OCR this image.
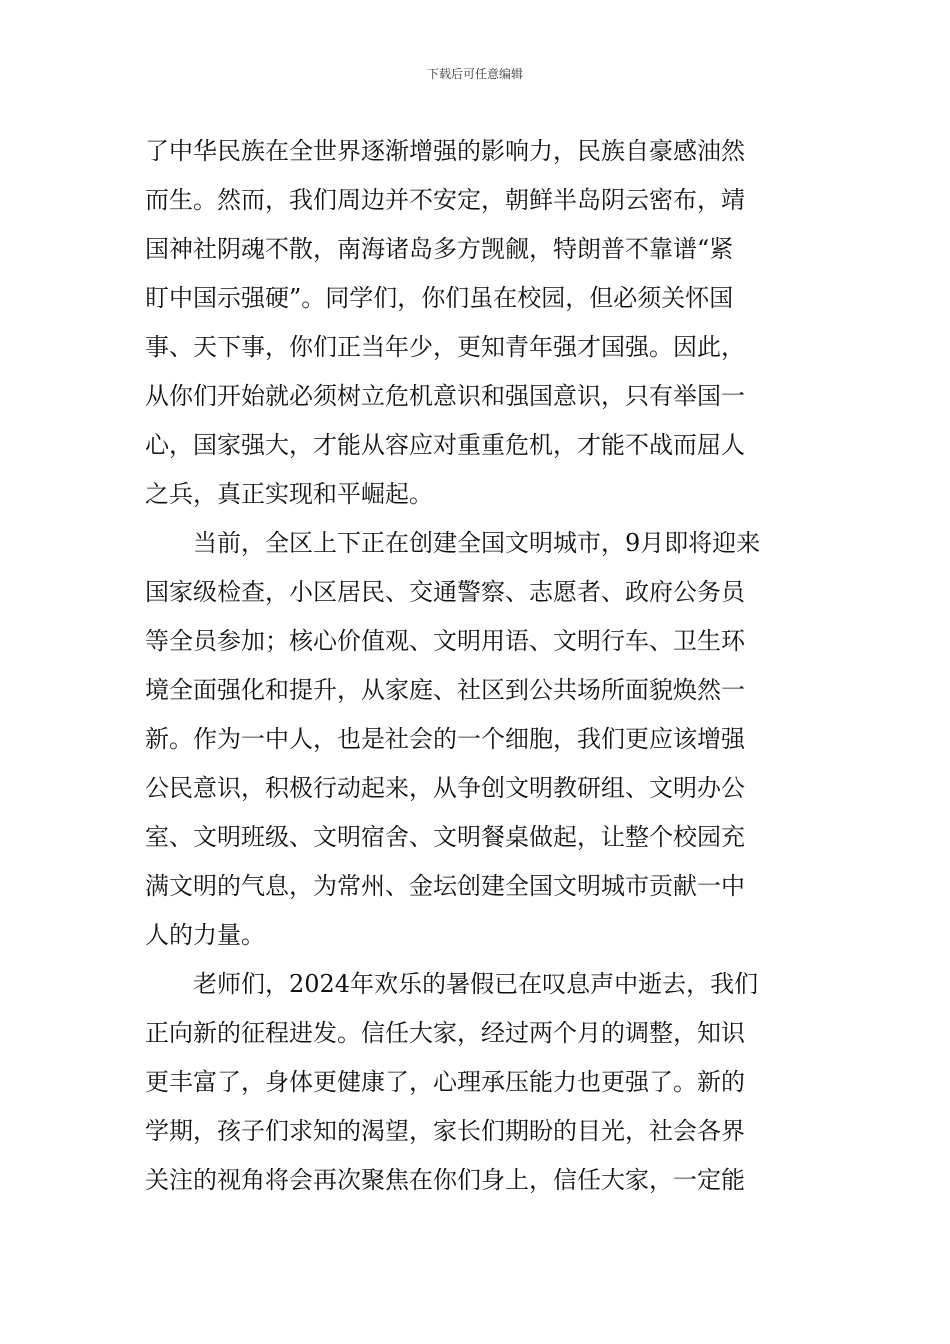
下载后可任意编辑
了中华民族在全世界逐渐增强的影响力，民族自豪感油然
而生。然而，我们周边并不安定，朝鲜半岛阴云密布，靖
国神社阴魂不散，南海诸岛多方觊觎，特朗普不靠谱“紧
盯中国示强硬”。同学们，你们虽在校园，但必须关怀国
事、天下事，你们正当年少，更知青年强才国强。因此，
从你们开始就必须树立危机意识和强国意识，只有举国一
心，国家强大，才能从容应对重重危机，才能不战而屈人
之兵，真正实现和平崛起。
当前，全区上下正在创建全国文明城市，9月即将迎来
国家级检查，小区居民、交通警察、志愿者、政府公务员
等全员参加；核心价值观、文明用语、文明行车、卫生环
境全面强化和提升，从家庭、社区到公共场所面貌焕然一
新。作为一中人，也是社会的一个细胞，我们更应该增强
公民意识，积极行动起来，从争创文明教研组、文明办公
室、文明班级、文明宿舍、文明餐桌做起，让整个校园充
满文明的气息，为常州、金坛创建全国文明城市贡献一中
人的力量。
老师们，2024年欢乐的暑假已在叹息声中逝去，我们
正向新的征程进发。信任大家，经过两个月的调整，知识
更丰富了，身体更健康了，心理承压能力也更强了。新的
学期，孩子们求知的渴望，家长们期盼的目光，社会各界
关注的视角将会再次聚焦在你们身上，信任大家，一定能
